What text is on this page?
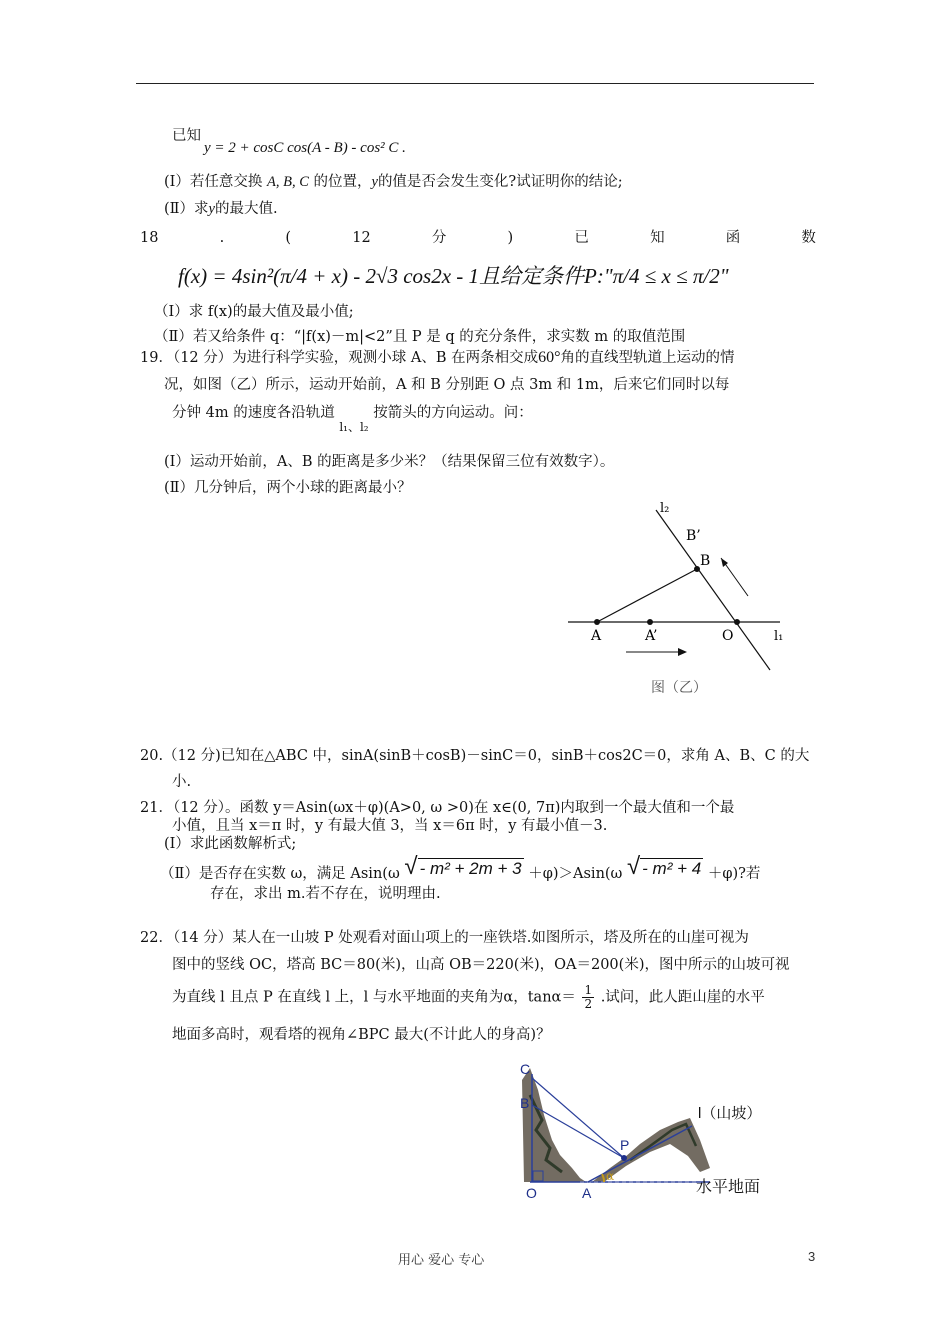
已知
y = 2 + cosC cos(A - B) - cos² C .
(I）若任意交换 A, B, C 的位置，y的值是否会发生变化?试证明你的结论;
(Ⅱ）求y的最大值.
18	.	(	12	分	)	已	知	函	数
f(x) = 4sin²(π/4 + x) - 2√3 cos2x - 1且给定条件P:"π/4 ≤ x ≤ π/2"
（Ⅰ）求 f(x)的最大值及最小值;
（Ⅱ）若又给条件 q：“|f(x)－m|<2”且 P 是 q 的充分条件，求实数 m 的取值范围
19．（12 分）为进行科学实验，观测小球 A、B 在两条相交成60°角的直线型轨道上运动的情
况，如图（乙）所示，运动开始前，A 和 B 分别距 O 点 3m 和 1m，后来它们同时以每
分钟 4m 的速度各沿轨道 $_{l_1、l_2}$ 按箭头的方向运动。问：
(I）运动开始前，A、B 的距离是多少米？（结果保留三位有效数字）。
(Ⅱ）几分钟后，两个小球的距离最小？
l₂
B’
B
A	A’	O	l₁
图（乙）
20.（12 分)已知在△ABC 中，sinA(sinB＋cosB)－sinC＝0，sinB＋cos2C＝0，求角 A、B、C 的大
小.
21．（12 分）。函数 y＝Asin(ωx＋φ)(A>0, ω >0)在 x∈(0, 7π)内取到一个最大值和一个最
小值，且当 x＝π 时，y 有最大值 3，当 x＝6π 时，y 有最小值－3.
(I）求此函数解析式;
（Ⅱ）是否存在实数 ω，满足 Asin(ω √ - m² + 2m + 3 ＋φ)＞Asin(ω √ - m² + 4 ＋φ)?若
存在，求出 m.若不存在，说明理由.
22．（14 分）某人在一山坡 P 处观看对面山项上的一座铁塔.如图所示，塔及所在的山崖可视为
图中的竖线 OC，塔高 BC＝80(米)，山高 OB＝220(米)，OA＝200(米)，图中所示的山坡可视
为直线 l 且点 P 在直线 l 上，l 与水平地面的夹角为α，$\tan\alpha= \frac{1}{2}$ .试问，此人距山崖的水平
地面多高时，观看塔的视角∠BPC 最大(不计此人的身高)？
C
B
P
l（山坡）
O	A
α
水平地面
用心 爱心 专心	3
